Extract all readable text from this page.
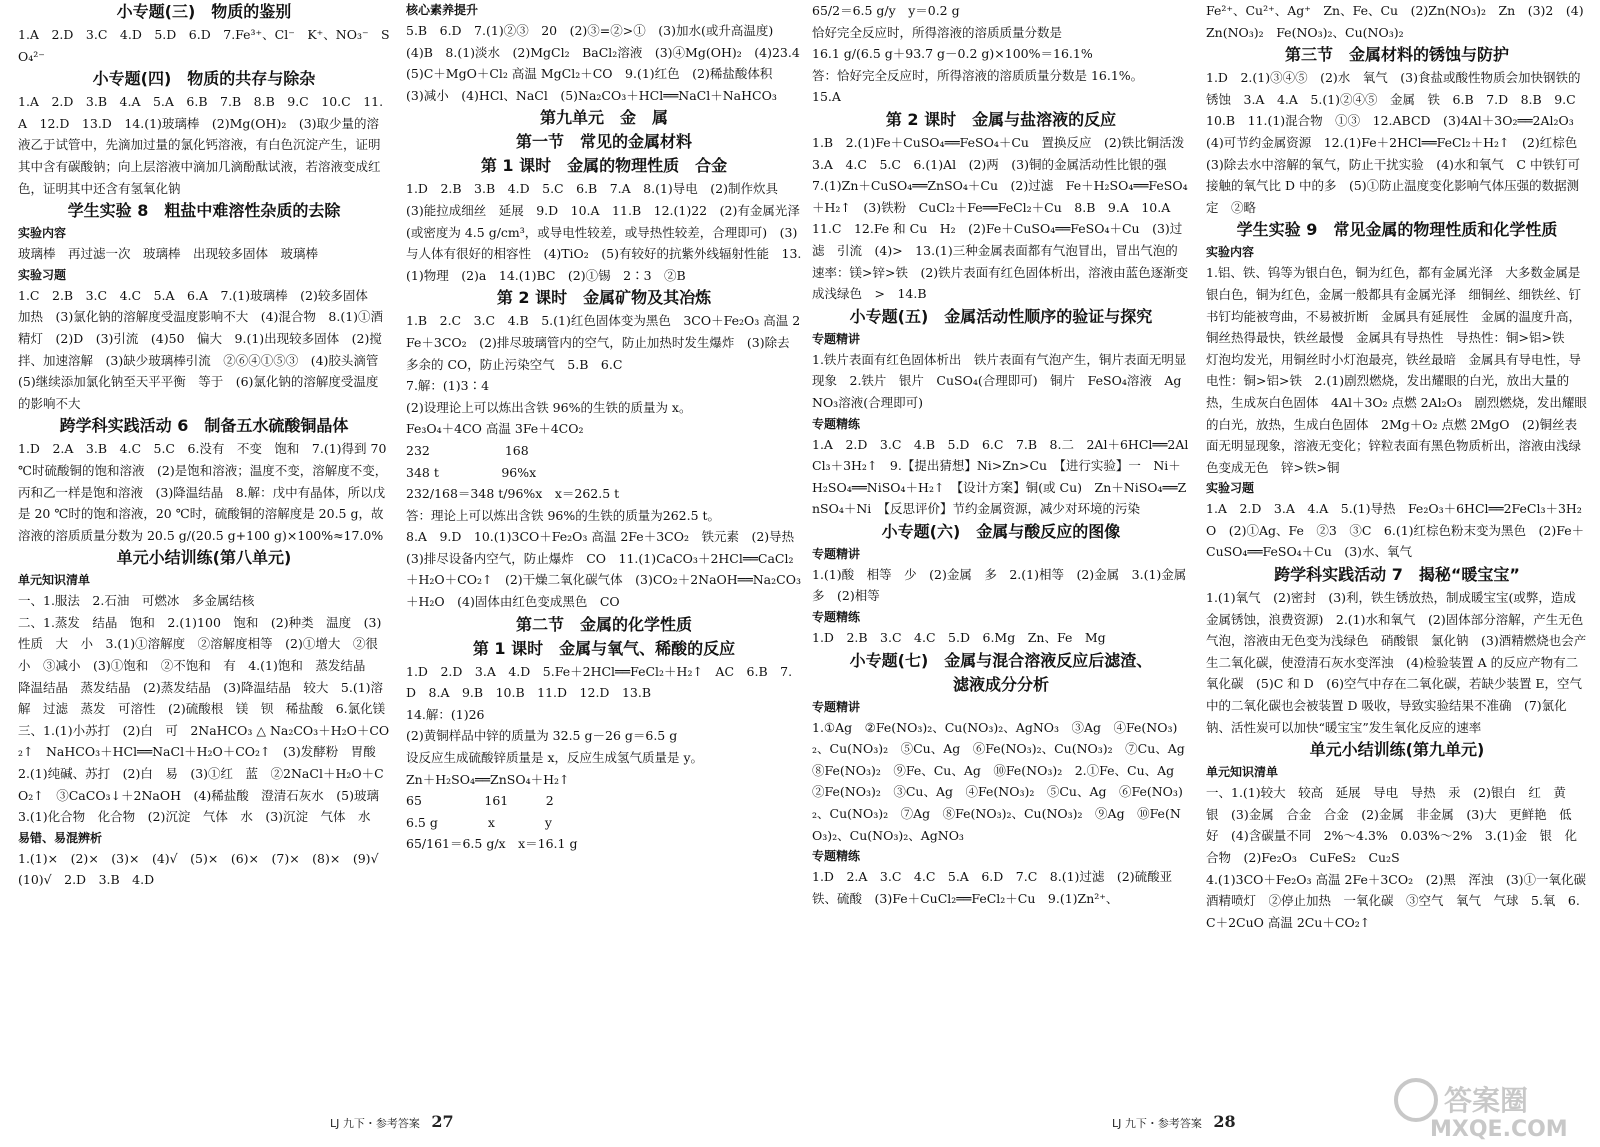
小专题(三)　物质的鉴别

1.A　2.D　3.C　4.D　5.D　6.D　7.Fe³⁺、Cl⁻　K⁺、NO₃⁻　SO₄²⁻

小专题(四)　物质的共存与除杂

1.A　2.D　3.B　4.A　5.A　6.B　7.B　8.B　9.C　10.C　11.A　12.D　13.D　14.(1)玻璃棒　(2)Mg(OH)₂　(3)取少量的溶液乙于试管中，先滴加过量的氯化钙溶液，有白色沉淀产生，证明其中含有碳酸钠；向上层溶液中滴加几滴酚酞试液，若溶液变成红色，证明其中还含有氢氧化钠

学生实验 8　粗盐中难溶性杂质的去除

实验内容

玻璃棒　再过滤一次　玻璃棒　出现较多固体　玻璃棒

实验习题

1.C　2.B　3.C　4.C　5.A　6.A　7.(1)玻璃棒　(2)较多固体　加热　(3)氯化钠的溶解度受温度影响不大　(4)混合物　8.(1)①酒精灯　(2)D　(3)引流　(4)50　偏大　9.(1)出现较多固体　(2)搅拌、加速溶解　(3)缺少玻璃棒引流　②⑥④①⑤③　(4)胶头滴管　(5)继续添加氯化钠至天平平衡　等于　(6)氯化钠的溶解度受温度的影响不大

跨学科实践活动 6　制备五水硫酸铜晶体

1.D　2.A　3.B　4.C　5.C　6.没有　不变　饱和　7.(1)得到 70 ℃时硫酸铜的饱和溶液　(2)是饱和溶液；温度不变，溶解度不变，丙和乙一样是饱和溶液　(3)降温结晶　8.解：戊中有晶体，所以戊是 20 ℃时的饱和溶液，20 ℃时，硫酸铜的溶解度是 20.5 g，故溶液的溶质质量分数为 20.5 g/(20.5 g+100 g)×100%≈17.0%

单元小结训练(第八单元)

单元知识清单

一、1.服法　2.石油　可燃冰　多金属结核

二、1.蒸发　结晶　饱和　2.(1)100　饱和　(2)种类　温度　(3)性质　大　小　3.(1)①溶解度　②溶解度相等　(2)①增大　②很小　③减小　(3)①饱和　②不饱和　有　4.(1)饱和　蒸发结晶　降温结晶　蒸发结晶　(2)蒸发结晶　(3)降温结晶　较大　5.(1)溶解　过滤　蒸发　可溶性　(2)硫酸根　镁　钡　稀盐酸　6.氯化镁

三、1.(1)小苏打　(2)白　可　2NaHCO₃ △ Na₂CO₃＋H₂O＋CO₂↑　NaHCO₃＋HCl══NaCl＋H₂O＋CO₂↑　(3)发酵粉　胃酸　2.(1)纯碱、苏打　(2)白　易　(3)①红　蓝　②2NaCl＋H₂O＋CO₂↑　③CaCO₃↓＋2NaOH　(4)稀盐酸　澄清石灰水　(5)玻璃　3.(1)化合物　化合物　(2)沉淀　气体　水　(3)沉淀　气体　水

易错、易混辨析

1.(1)×　(2)×　(3)×　(4)√　(5)×　(6)×　(7)×　(8)×　(9)√　(10)√　2.D　3.B　4.D

核心素养提升

5.B　6.D　7.(1)②③　20　(2)③=②>①　(3)加水(或升高温度)　(4)B　8.(1)淡水　(2)MgCl₂　BaCl₂溶液　(3)④Mg(OH)₂　(4)23.4　(5)C＋MgO＋Cl₂ 高温 MgCl₂＋CO　9.(1)红色　(2)稀盐酸体积　(3)减小　(4)HCl、NaCl　(5)Na₂CO₃＋HCl══NaCl＋NaHCO₃

第九单元　金　属

第一节　常见的金属材料

第 1 课时　金属的物理性质　合金

1.D　2.B　3.B　4.D　5.C　6.B　7.A　8.(1)导电　(2)制作炊具　(3)能拉成细丝　延展　9.D　10.A　11.B　12.(1)22　(2)有金属光泽(或密度为 4.5 g/cm³，或导电性较差，或导热性较差，合理即可)　(3)与人体有很好的相容性　(4)TiO₂　(5)有较好的抗紫外线辐射性能　13.(1)物理　(2)a　14.(1)BC　(2)①锡　2∶3　②B

第 2 课时　金属矿物及其冶炼

1.B　2.C　3.C　4.B　5.(1)红色固体变为黑色　3CO＋Fe₂O₃ 高温 2Fe＋3CO₂　(2)排尽玻璃管内的空气，防止加热时发生爆炸　(3)除去多余的 CO，防止污染空气　5.B　6.C

7.解：(1)3∶4

(2)设理论上可以炼出含铁 96%的生铁的质量为 x。

Fe₃O₄＋4CO 高温 3Fe＋4CO₂

232　　　　　　168

348 t　　　　　96%x

232/168＝348 t/96%x　x＝262.5 t

答：理论上可以炼出含铁 96%的生铁的质量为262.5 t。

8.A　9.D　10.(1)3CO＋Fe₂O₃ 高温 2Fe＋3CO₂　铁元素　(2)导热　(3)排尽设备内空气，防止爆炸　CO　11.(1)CaCO₃＋2HCl══CaCl₂＋H₂O＋CO₂↑　(2)干燥二氧化碳气体　(3)CO₂＋2NaOH══Na₂CO₃＋H₂O　(4)固体由红色变成黑色　CO

第二节　金属的化学性质

第 1 课时　金属与氧气、稀酸的反应

1.D　2.D　3.A　4.D　5.Fe＋2HCl══FeCl₂＋H₂↑　AC　6.B　7.D　8.A　9.B　10.B　11.D　12.D　13.B

14.解：(1)26

(2)黄铜样品中锌的质量为 32.5 g－26 g＝6.5 g

设反应生成硫酸锌质量是 x，反应生成氢气质量是 y。

Zn＋H₂SO₄══ZnSO₄＋H₂↑

65　　　　　161　　　2

6.5 g　　　　x　　　　y

65/161＝6.5 g/x　x＝16.1 g

65/2＝6.5 g/y　y＝0.2 g

恰好完全反应时，所得溶液的溶质质量分数是

16.1 g/(6.5 g＋93.7 g－0.2 g)×100%＝16.1%

答：恰好完全反应时，所得溶液的溶质质量分数是 16.1%。

15.A

第 2 课时　金属与盐溶液的反应

1.B　2.(1)Fe＋CuSO₄══FeSO₄＋Cu　置换反应　(2)铁比铜活泼　3.A　4.C　5.C　6.(1)Al　(2)两　(3)铜的金属活动性比银的强　7.(1)Zn＋CuSO₄══ZnSO₄＋Cu　(2)过滤　Fe＋H₂SO₄══FeSO₄＋H₂↑　(3)铁粉　CuCl₂＋Fe══FeCl₂＋Cu　8.B　9.A　10.A　11.C　12.Fe 和 Cu　H₂　(2)Fe＋CuSO₄══FeSO₄＋Cu　(3)过滤　引流　(4)>　13.(1)三种金属表面都有气泡冒出，冒出气泡的速率：镁>锌>铁　(2)铁片表面有红色固体析出，溶液由蓝色逐渐变成浅绿色　>　14.B

小专题(五)　金属活动性顺序的验证与探究

专题精讲

1.铁片表面有红色固体析出　铁片表面有气泡产生，铜片表面无明显现象　2.铁片　银片　CuSO₄(合理即可)　铜片　FeSO₄溶液　AgNO₃溶液(合理即可)

专题精练

1.A　2.D　3.C　4.B　5.D　6.C　7.B　8.二　2Al＋6HCl══2AlCl₃＋3H₂↑　9.【提出猜想】Ni>Zn>Cu　【进行实验】一　Ni＋H₂SO₄══NiSO₄＋H₂↑　【设计方案】铜(或 Cu)　Zn＋NiSO₄══ZnSO₄＋Ni　【反思评价】节约金属资源，减少对环境的污染

小专题(六)　金属与酸反应的图像

专题精讲

1.(1)酸　相等　少　(2)金属　多　2.(1)相等　(2)金属　3.(1)金属　多　(2)相等

专题精练

1.D　2.B　3.C　4.C　5.D　6.Mg　Zn、Fe　Mg

小专题(七)　金属与混合溶液反应后滤渣、

滤液成分分析

专题精讲

1.①Ag　②Fe(NO₃)₂、Cu(NO₃)₂、AgNO₃　③Ag　④Fe(NO₃)₂、Cu(NO₃)₂　⑤Cu、Ag　⑥Fe(NO₃)₂、Cu(NO₃)₂　⑦Cu、Ag　⑧Fe(NO₃)₂　⑨Fe、Cu、Ag　⑩Fe(NO₃)₂　2.①Fe、Cu、Ag　②Fe(NO₃)₂　③Cu、Ag　④Fe(NO₃)₂　⑤Cu、Ag　⑥Fe(NO₃)₂、Cu(NO₃)₂　⑦Ag　⑧Fe(NO₃)₂、Cu(NO₃)₂　⑨Ag　⑩Fe(NO₃)₂、Cu(NO₃)₂、AgNO₃

专题精练

1.D　2.A　3.C　4.C　5.A　6.D　7.C　8.(1)过滤　(2)硫酸亚铁、硫酸　(3)Fe＋CuCl₂══FeCl₂＋Cu　9.(1)Zn²⁺、

Fe²⁺、Cu²⁺、Ag⁺　Zn、Fe、Cu　(2)Zn(NO₃)₂　Zn　(3)2　(4)Zn(NO₃)₂　Fe(NO₃)₂、Cu(NO₃)₂

第三节　金属材料的锈蚀与防护

1.D　2.(1)③④⑤　(2)水　氧气　(3)食盐或酸性物质会加快钢铁的锈蚀　3.A　4.A　5.(1)②④⑤　金属　铁　6.B　7.D　8.B　9.C　10.B　11.(1)混合物　①③　12.ABCD　(3)4Al＋3O₂══2Al₂O₃　(4)可节约金属资源　12.(1)Fe＋2HCl══FeCl₂＋H₂↑　(2)红棕色　(3)除去水中溶解的氧气，防止干扰实验　(4)水和氧气　C 中铁钉可接触的氧气比 D 中的多　(5)①防止温度变化影响气体压强的数据测定　②略

学生实验 9　常见金属的物理性质和化学性质

实验内容

1.铝、铁、钨等为银白色，铜为红色，都有金属光泽　大多数金属是银白色，铜为红色，金属一般都具有金属光泽　细铜丝、细铁丝、钉书钉均能被弯曲，不易被折断　金属具有延展性　金属的温度升高，铜丝热得最快，铁丝最慢　金属具有导热性　导热性：铜>铝>铁　灯泡均发光，用铜丝时小灯泡最亮，铁丝最暗　金属具有导电性，导电性：铜>铝>铁　2.(1)剧烈燃烧，发出耀眼的白光，放出大量的热，生成灰白色固体　4Al＋3O₂ 点燃 2Al₂O₃　剧烈燃烧，发出耀眼的白光，放热，生成白色固体　2Mg＋O₂ 点燃 2MgO　(2)铜丝表面无明显现象，溶液无变化；锌粒表面有黑色物质析出，溶液由浅绿色变成无色　锌>铁>铜

实验习题

1.A　2.D　3.A　4.A　5.(1)导热　Fe₂O₃＋6HCl══2FeCl₃＋3H₂O　(2)①Ag、Fe　②3　③C　6.(1)红棕色粉末变为黑色　(2)Fe＋CuSO₄══FeSO₄＋Cu　(3)水、氧气

跨学科实践活动 7　揭秘“暖宝宝”

1.(1)氧气　(2)密封　(3)利，铁生锈放热，制成暖宝宝(或弊，造成金属锈蚀，浪费资源)　2.(1)水和氧气　(2)固体部分溶解，产生无色气泡，溶液由无色变为浅绿色　硝酸银　氯化钠　(3)酒精燃烧也会产生二氧化碳，使澄清石灰水变浑浊　(4)检验装置 A 的反应产物有二氧化碳　(5)C 和 D　(6)空气中存在二氧化碳，若缺少装置 E，空气中的二氧化碳也会被装置 D 吸收，导致实验结果不准确　(7)氯化钠、活性炭可以加快“暖宝宝”发生氧化反应的速率

单元小结训练(第九单元)

单元知识清单

一、1.(1)较大　较高　延展　导电　导热　汞　(2)银白　红　黄　银　(3)金属　合金　合金　(2)金属　非金属　(3)大　更鲜艳　低　好　(4)含碳量不同　2%～4.3%　0.03%～2%　3.(1)金　银　化合物　(2)Fe₂O₃　CuFeS₂　Cu₂S

4.(1)3CO＋Fe₂O₃ 高温 2Fe＋3CO₂　(2)黑　浑浊　(3)①一氧化碳　酒精喷灯　②停止加热　一氧化碳　③空气　氧气　气球　5.氧　6.C＋2CuO 高温 2Cu＋CO₂↑

LJ 九下・参考答案 27	LJ 九下・参考答案 28
答案圈
MXQE.COM
